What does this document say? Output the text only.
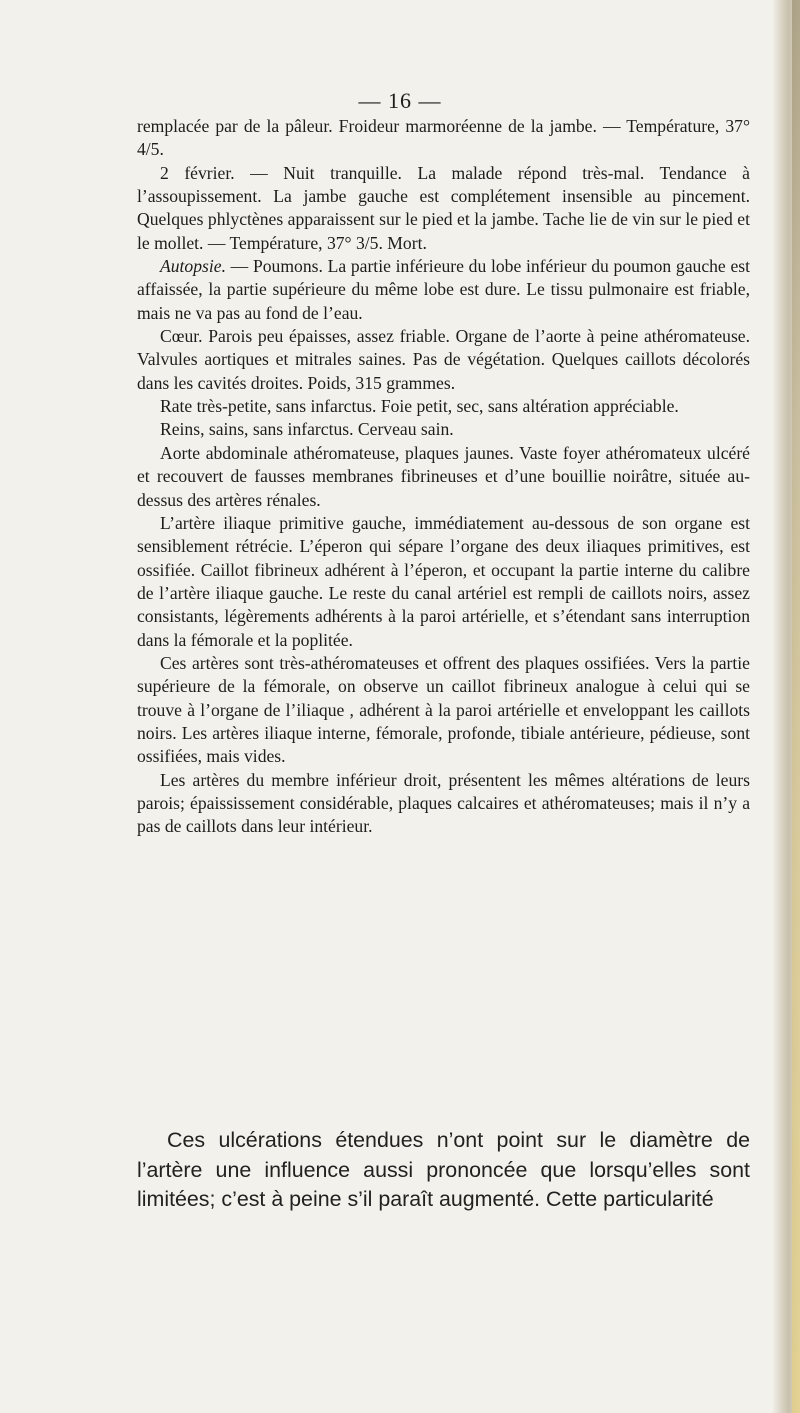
— 16 —

remplacée par de la pâleur. Froideur marmoréenne de la jambe. — Température, 37° 4/5.

2 février. — Nuit tranquille. La malade répond très-mal. Tendance à l’assoupissement. La jambe gauche est complétement insensible au pincement. Quelques phlyctènes apparaissent sur le pied et la jambe. Tache lie de vin sur le pied et le mollet. — Température, 37° 3/5. Mort.

Autopsie. — Poumons. La partie inférieure du lobe inférieur du poumon gauche est affaissée, la partie supérieure du même lobe est dure. Le tissu pulmonaire est friable, mais ne va pas au fond de l’eau.

Cœur. Parois peu épaisses, assez friable. Organe de l’aorte à peine athéromateuse. Valvules aortiques et mitrales saines. Pas de végétation. Quelques caillots décolorés dans les cavités droites. Poids, 315 grammes.

Rate très-petite, sans infarctus. Foie petit, sec, sans altération appréciable.

Reins, sains, sans infarctus. Cerveau sain.

Aorte abdominale athéromateuse, plaques jaunes. Vaste foyer athéromateux ulcéré et recouvert de fausses membranes fibrineuses et d’une bouillie noirâtre, située au-dessus des artères rénales.

L’artère iliaque primitive gauche, immédiatement au-dessous de son organe est sensiblement rétrécie. L’éperon qui sépare l’organe des deux iliaques primitives, est ossifiée. Caillot fibrineux adhérent à l’éperon, et occupant la partie interne du calibre de l’artère iliaque gauche. Le reste du canal artériel est rempli de caillots noirs, assez consistants, légèrements adhérents à la paroi artérielle, et s’étendant sans interruption dans la fémorale et la poplitée.

Ces artères sont très-athéromateuses et offrent des plaques ossifiées. Vers la partie supérieure de la fémorale, on observe un caillot fibrineux analogue à celui qui se trouve à l’organe de l’iliaque , adhérent à la paroi artérielle et enveloppant les caillots noirs. Les artères iliaque interne, fémorale, profonde, tibiale antérieure, pédieuse, sont ossifiées, mais vides.

Les artères du membre inférieur droit, présentent les mêmes altérations de leurs parois; épaississement considérable, plaques calcaires et athéromateuses; mais il n’y a pas de caillots dans leur intérieur.

Ces ulcérations étendues n’ont point sur le diamètre de l’artère une influence aussi prononcée que lorsqu’elles sont limitées; c’est à peine s’il paraît augmenté. Cette particularité
